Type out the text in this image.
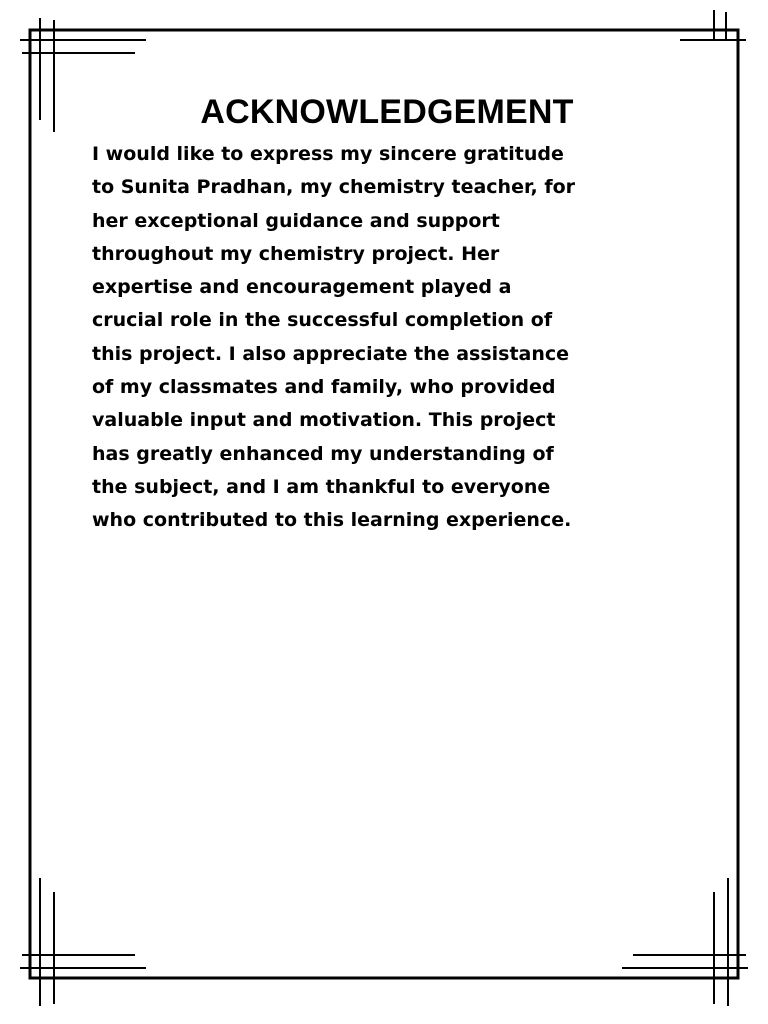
ACKNOWLEDGEMENT

I would like to express my sincere gratitude
to Sunita Pradhan, my chemistry teacher, for
her exceptional guidance and support
throughout my chemistry project. Her
expertise and encouragement played a
crucial role in the successful completion of
this project. I also appreciate the assistance
of my classmates and family, who provided
valuable input and motivation. This project
has greatly enhanced my understanding of
the subject, and I am thankful to everyone
who contributed to this learning experience.
